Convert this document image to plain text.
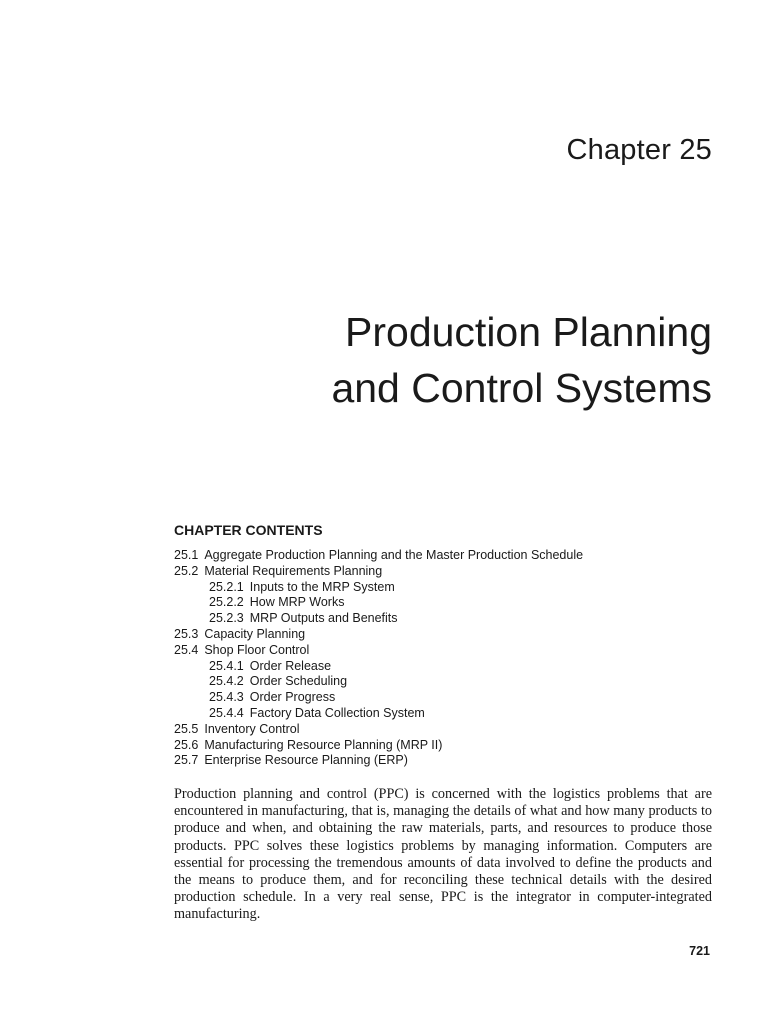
Chapter 25
Production Planning
and Control Systems
CHAPTER CONTENTS
25.1 Aggregate Production Planning and the Master Production Schedule
25.2 Material Requirements Planning
25.2.1 Inputs to the MRP System
25.2.2 How MRP Works
25.2.3 MRP Outputs and Benefits
25.3 Capacity Planning
25.4 Shop Floor Control
25.4.1 Order Release
25.4.2 Order Scheduling
25.4.3 Order Progress
25.4.4 Factory Data Collection System
25.5 Inventory Control
25.6 Manufacturing Resource Planning (MRP II)
25.7 Enterprise Resource Planning (ERP)

Production planning and control (PPC) is concerned with the logistics problems that are encountered in manufacturing, that is, managing the details of what and how many products to produce and when, and obtaining the raw materials, parts, and resources to produce those products. PPC solves these logistics problems by managing information. Computers are essential for processing the tremendous amounts of data involved to define the products and the means to produce them, and for reconciling these technical details with the desired production schedule. In a very real sense, PPC is the integrator in computer-integrated manufacturing.

721
